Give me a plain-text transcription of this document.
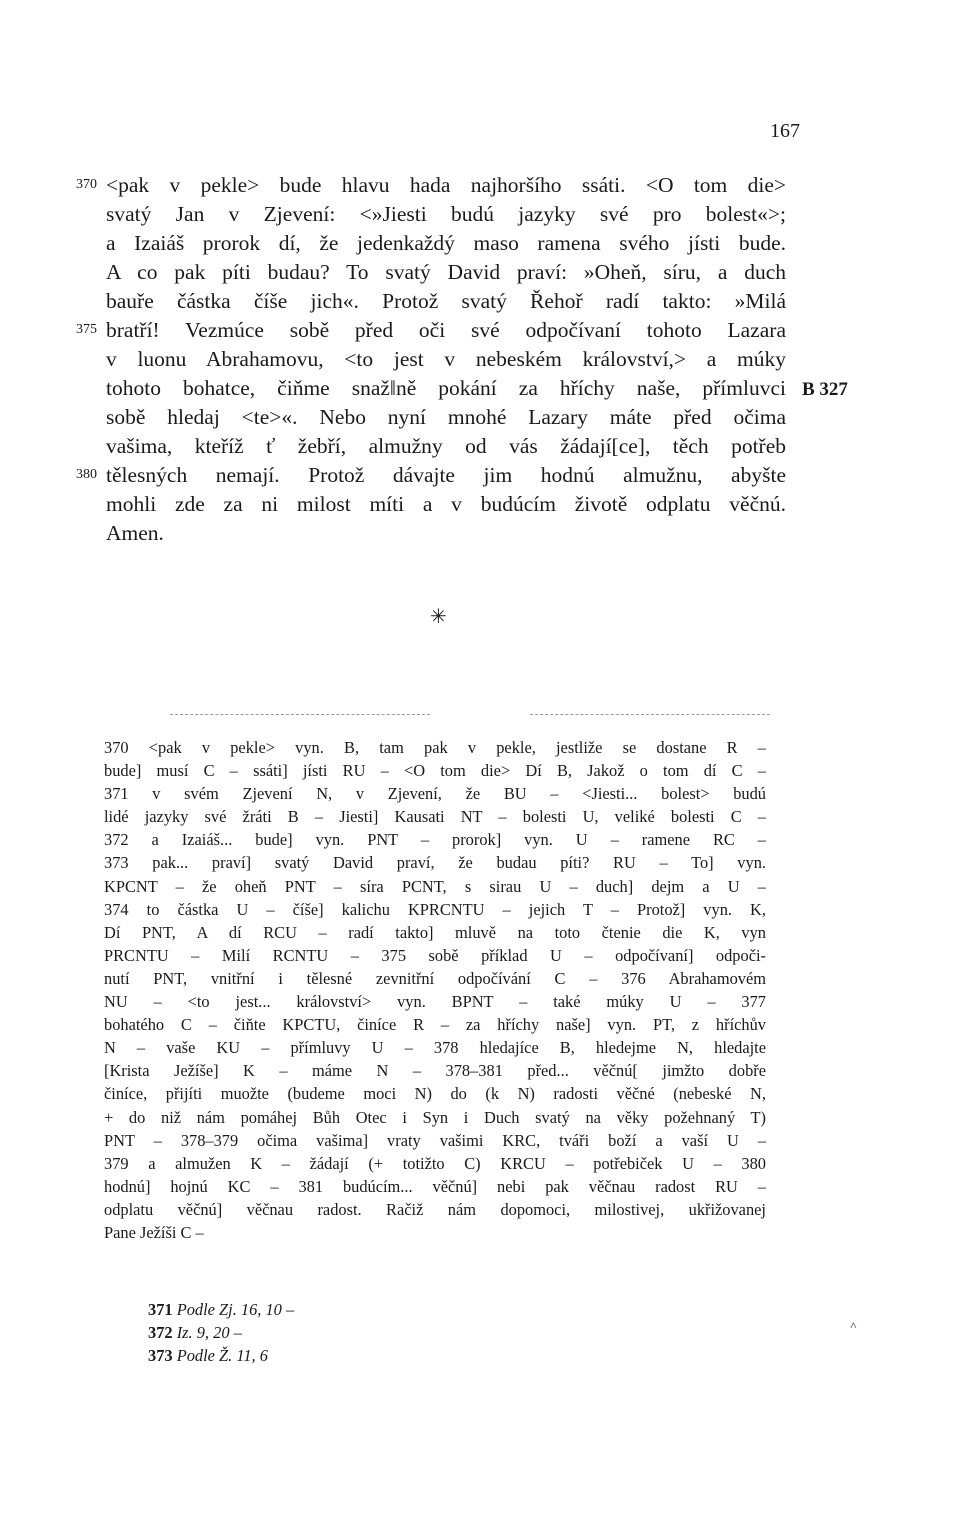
167
370 <pak v pekle> bude hlavu hada najhoršího ssáti. <O tom die>
svatý Jan v Zjevení: <»Jiesti budú jazyky své pro bolest«>;
a Izaiáš prorok dí, že jedenkaždý maso ramena svého jísti bude.
A co pak píti budau? To svatý David praví: »Oheň, síru, a duch
bauře částka číše jich«. Protož svatý Řehoř radí takto: »Milá
375 bratří! Vezmúce sobě před oči své odpočívaní tohoto Lazara
v luonu Abrahamovu, <to jest v nebeském království,> a múky
tohoto bohatce, čiňme snaž‖ně pokání za hříchy naše, přímluvci B 327
sobě hledaj <te>«. Nebo nyní mnohé Lazary máte před očima
vašima, kteříž ť žebří, almužny od vás žádají[ce], těch potřeb
380 tělesných nemají. Protož dávajte jim hodnú almužnu, abyšte
mohli zde za ni milost míti a v budúcím životě odplatu věčnú.
Amen.
✳
370 <pak v pekle> vyn. B, tam pak v pekle, jestliže se dostane R –
bude] musí C – ssáti] jísti RU – <O tom die> Dí B, Jakož o tom dí C –
371 v svém Zjevení N, v Zjevení, že BU – <Jiesti... bolest> budú
lidé jazyky své žráti B – Jiesti] Kausati NT – bolesti U, veliké bolesti C –
372 a Izaiáš... bude] vyn. PNT – prorok] vyn. U – ramene RC –
373 pak... praví] svatý David praví, že budau píti? RU – To] vyn.
KPCNT – že oheň PNT – síra PCNT, s sirau U – duch] dejm a U –
374 to částka U – číše] kalichu KPRCNTU – jejich T – Protož] vyn. K,
Dí PNT, A dí RCU – radí takto] mluvě na toto čtenie die K, vyn
PRCNTU – Milí RCNTU – 375 sobě příklad U – odpočívaní] odpoči-
nutí PNT, vnitřní i tělesné zevnitřní odpočívání C – 376 Abrahamovém
NU – <to jest... království> vyn. BPNT – také múky U – 377
bohatého C – čiňte KPCTU, činíce R – za hříchy naše] vyn. PT, z hříchův
N – vaše KU – přímluvy U – 378 hledajíce B, hledejme N, hledajte
[Krista Ježíše] K – máme N – 378–381 před... věčnú[ jimžto dobře
činíce, přijíti muožte (budeme moci N) do (k N) radosti věčné (nebeské N,
+ do niž nám pomáhej Bůh Otec i Syn i Duch svatý na věky požehnaný T)
PNT – 378–379 očima vašima] vraty vašimi KRC, tváři boží a vaší U –
379 a almužen K – žádají (+ totižto C) KRCU – potřebiček U – 380
hodnú] hojnú KC – 381 budúcím... věčnú] nebi pak věčnau radost RU –
odplatu věčnú] věčnau radost. Račiž nám dopomoci, milostivej, ukřižovanej
Pane Ježíši C –
371 Podle Zj. 16, 10 –
372 Iz. 9, 20 –
373 Podle Ž. 11, 6
˄
